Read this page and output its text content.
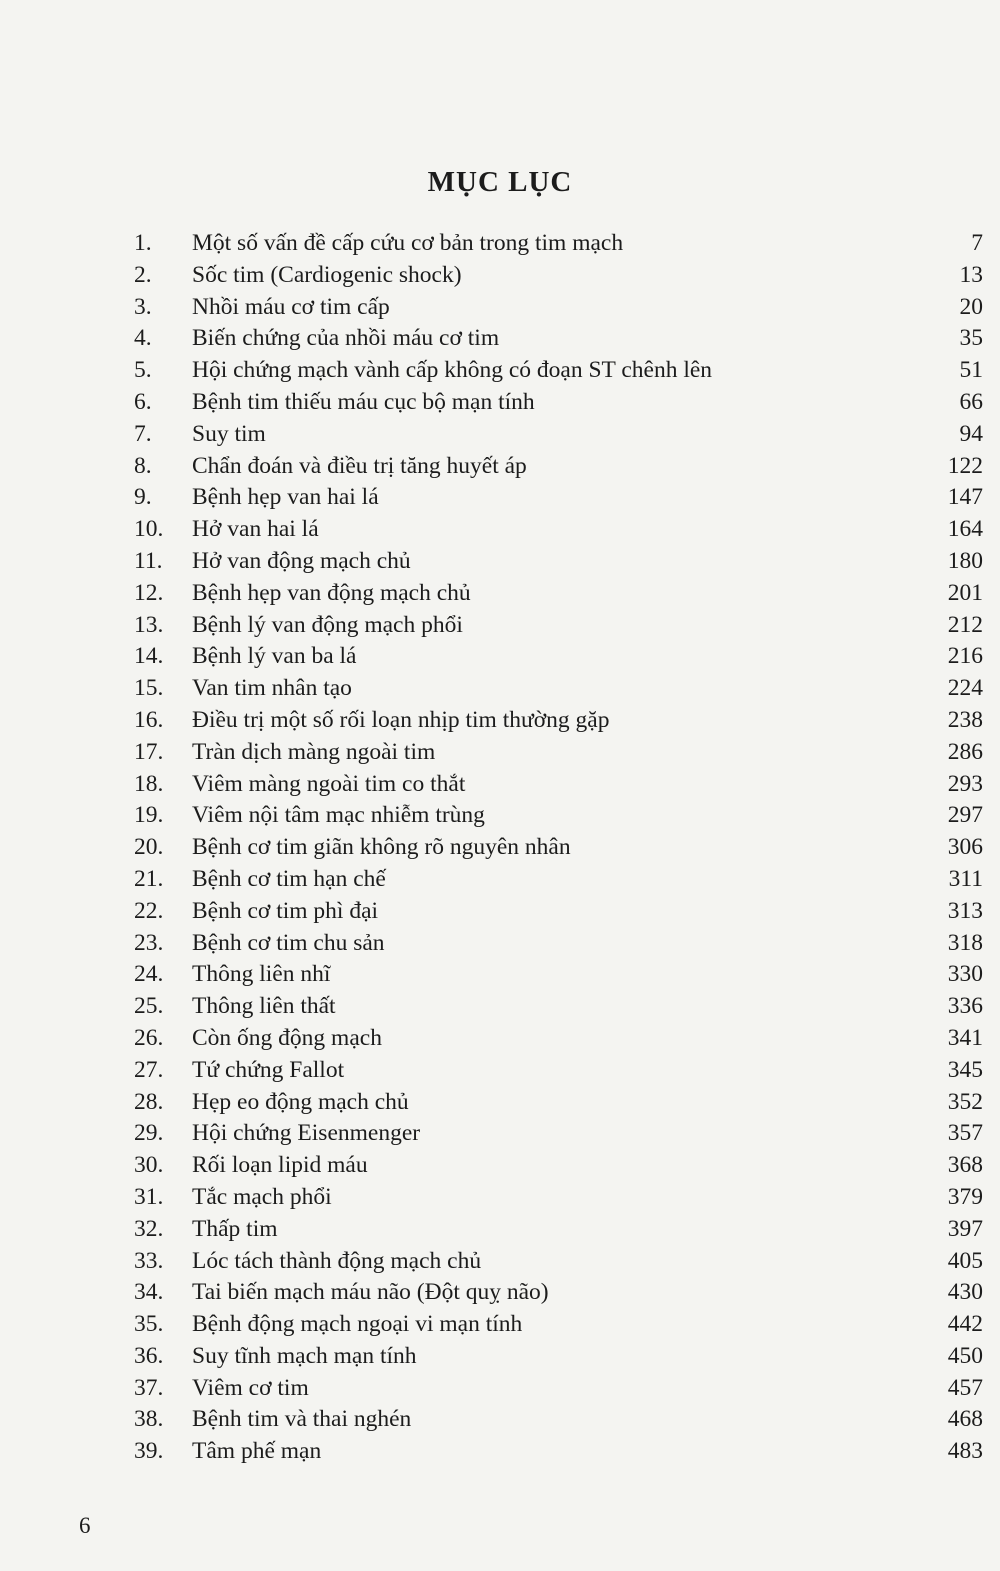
MỤC LỤC
1. Một số vấn đề cấp cứu cơ bản trong tim mạch	7
2. Sốc tim (Cardiogenic shock)	13
3. Nhồi máu cơ tim cấp	20
4. Biến chứng của nhồi máu cơ tim	35
5. Hội chứng mạch vành cấp không có đoạn ST chênh lên	51
6. Bệnh tim thiếu máu cục bộ mạn tính	66
7. Suy tim	94
8. Chẩn đoán và điều trị tăng huyết áp	122
9. Bệnh hẹp van hai lá	147
10. Hở van hai lá	164
11. Hở van động mạch chủ	180
12. Bệnh hẹp van động mạch chủ	201
13. Bệnh lý van động mạch phổi	212
14. Bệnh lý van ba lá	216
15. Van tim nhân tạo	224
16. Điều trị một số rối loạn nhịp tim thường gặp	238
17. Tràn dịch màng ngoài tim	286
18. Viêm màng ngoài tim co thắt	293
19. Viêm nội tâm mạc nhiễm trùng	297
20. Bệnh cơ tim giãn không rõ nguyên nhân	306
21. Bệnh cơ tim hạn chế	311
22. Bệnh cơ tim phì đại	313
23. Bệnh cơ tim chu sản	318
24. Thông liên nhĩ	330
25. Thông liên thất	336
26. Còn ống động mạch	341
27. Tứ chứng Fallot	345
28. Hẹp eo động mạch chủ	352
29. Hội chứng Eisenmenger	357
30. Rối loạn lipid máu	368
31. Tắc mạch phổi	379
32. Thấp tim	397
33. Lóc tách thành động mạch chủ	405
34. Tai biến mạch máu não (Đột quỵ não)	430
35. Bệnh động mạch ngoại vi mạn tính	442
36. Suy tĩnh mạch mạn tính	450
37. Viêm cơ tim	457
38. Bệnh tim và thai nghén	468
39. Tâm phế mạn	483
6
